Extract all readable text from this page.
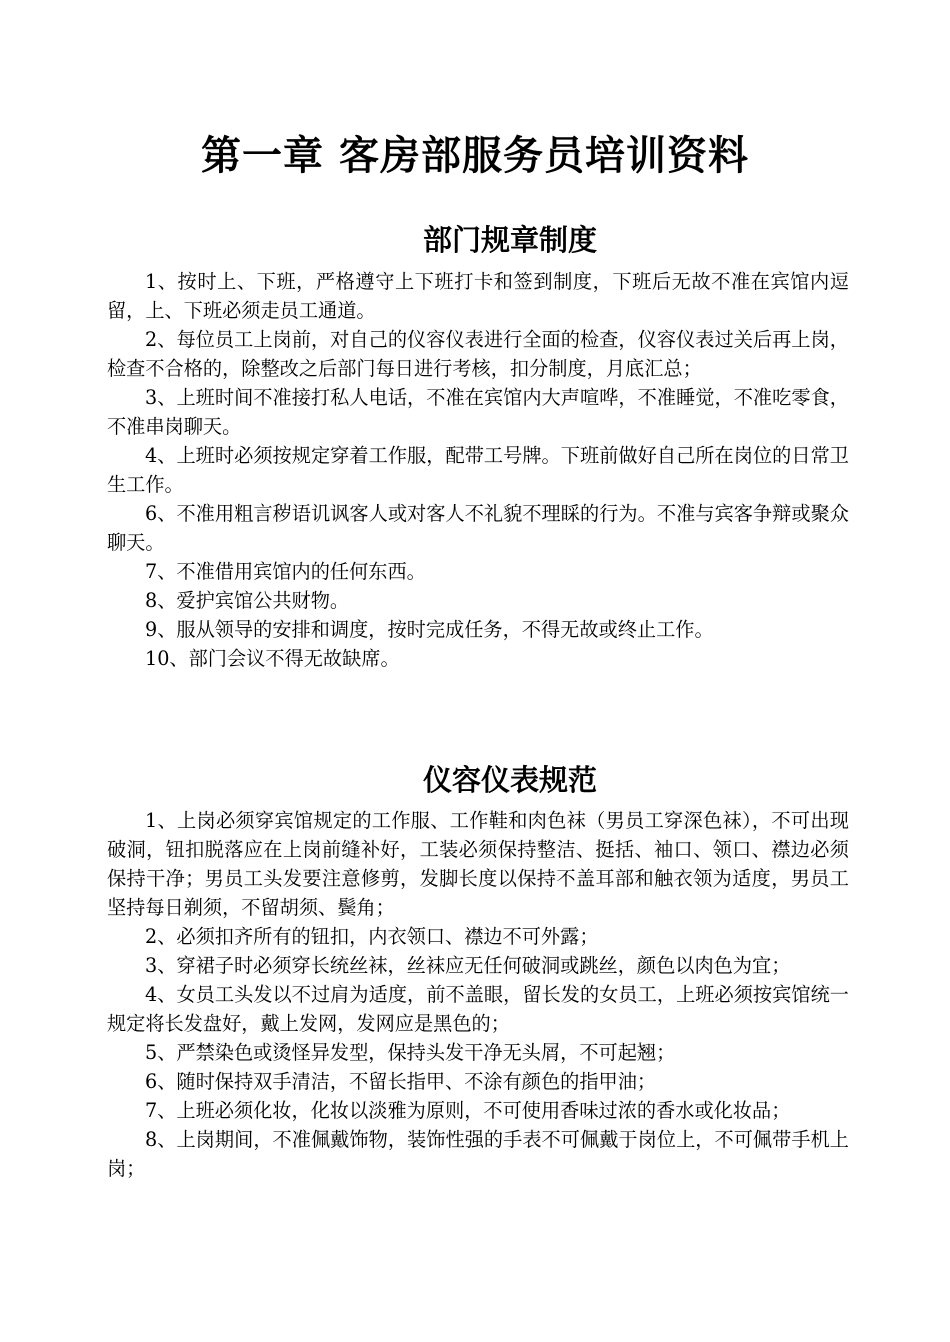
第一章 客房部服务员培训资料
部门规章制度

1、按时上、下班，严格遵守上下班打卡和签到制度，下班后无故不准在宾馆内逗留，上、下班必须走员工通道。

2、每位员工上岗前，对自己的仪容仪表进行全面的检查，仪容仪表过关后再上岗，检查不合格的，除整改之后部门每日进行考核，扣分制度，月底汇总；

3、上班时间不准接打私人电话，不准在宾馆内大声喧哗，不准睡觉，不准吃零食，不准串岗聊天。

4、上班时必须按规定穿着工作服，配带工号牌。下班前做好自己所在岗位的日常卫生工作。

6、不准用粗言秽语讥讽客人或对客人不礼貌不理睬的行为。不准与宾客争辩或聚众聊天。

7、不准借用宾馆内的任何东西。

8、爱护宾馆公共财物。

9、服从领导的安排和调度，按时完成任务，不得无故或终止工作。

10、部门会议不得无故缺席。

仪容仪表规范

1、上岗必须穿宾馆规定的工作服、工作鞋和肉色袜（男员工穿深色袜），不可出现破洞，钮扣脱落应在上岗前缝补好，工装必须保持整洁、挺括、袖口、领口、襟边必须保持干净；男员工头发要注意修剪，发脚长度以保持不盖耳部和触衣领为适度，男员工坚持每日剃须，不留胡须、鬓角；

2、必须扣齐所有的钮扣，内衣领口、襟边不可外露；

3、穿裙子时必须穿长统丝袜，丝袜应无任何破洞或跳丝，颜色以肉色为宜；

4、女员工头发以不过肩为适度，前不盖眼，留长发的女员工，上班必须按宾馆统一规定将长发盘好，戴上发网，发网应是黑色的；

5、严禁染色或烫怪异发型，保持头发干净无头屑，不可起翘；

6、随时保持双手清洁，不留长指甲、不涂有颜色的指甲油；

7、上班必须化妆，化妆以淡雅为原则，不可使用香味过浓的香水或化妆品；

8、上岗期间，不准佩戴饰物，装饰性强的手表不可佩戴于岗位上，不可佩带手机上岗；
